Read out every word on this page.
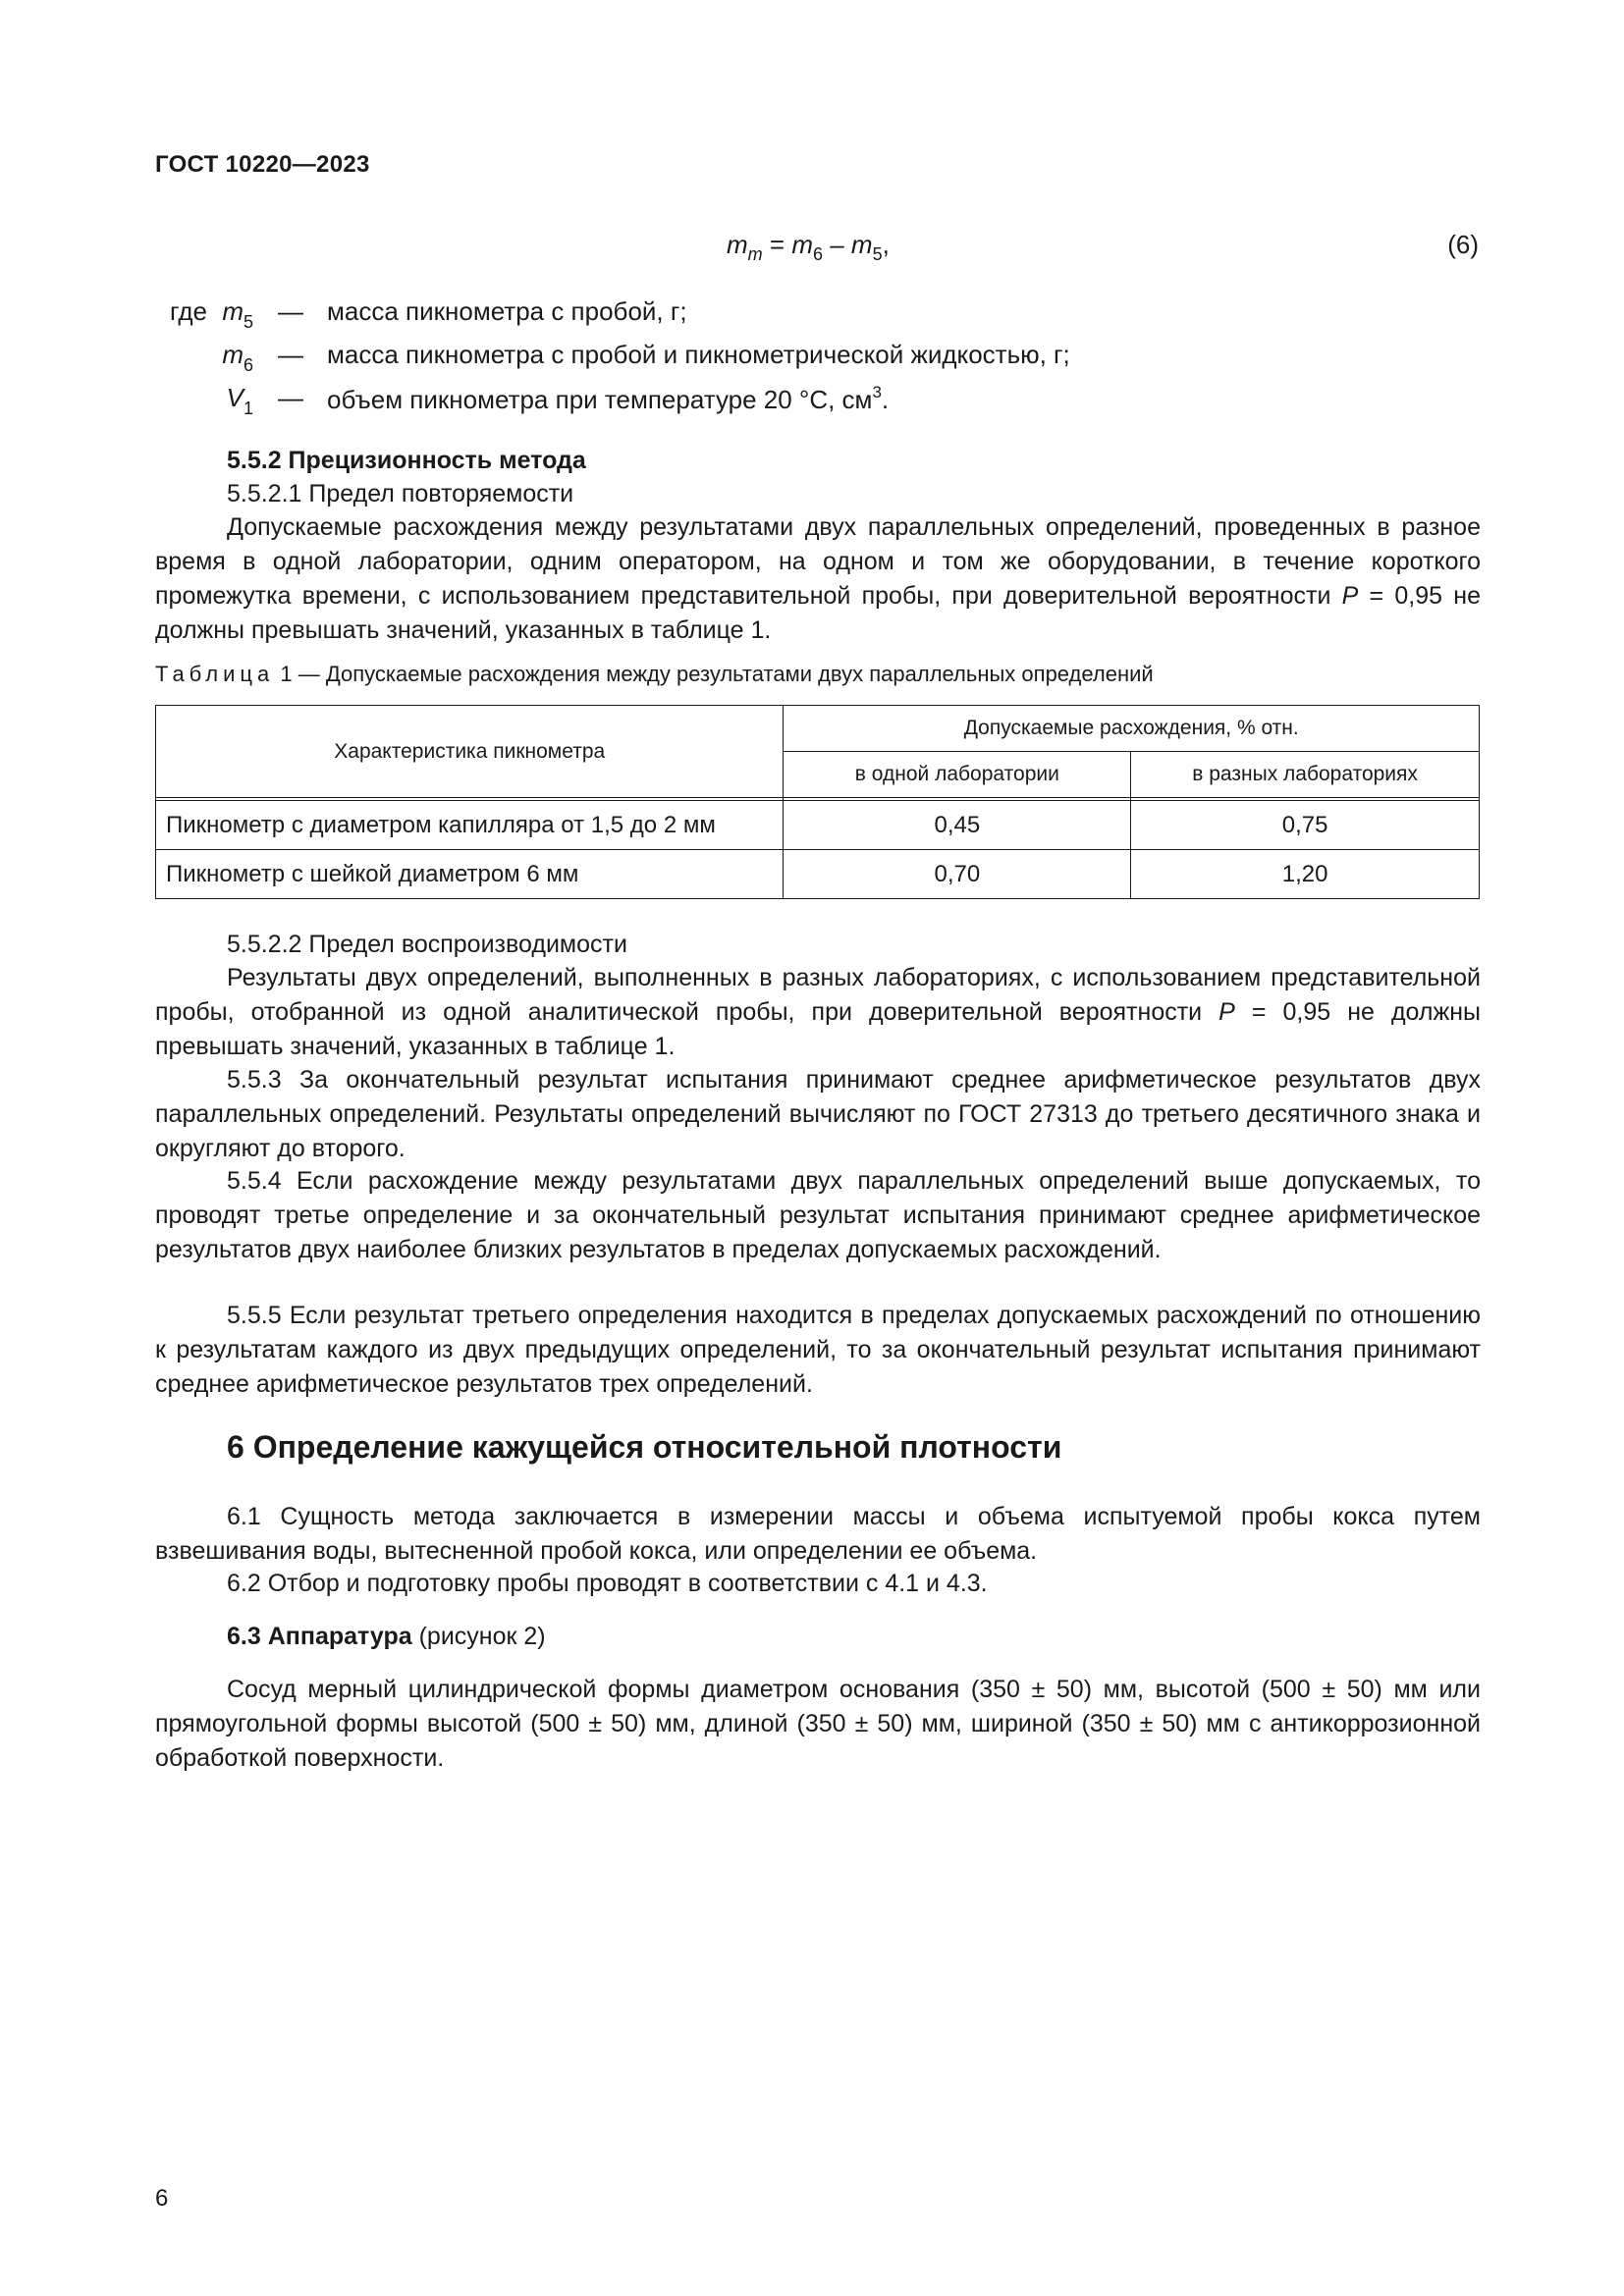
ГОСТ 10220—2023
$m_m = m_6 - m_5$,	(6)
где $m_5$ — масса пикнометра с пробой, г;
$m_6$ — масса пикнометра с пробой и пикнометрической жидкостью, г;
$V_1$ — объем пикнометра при температуре 20 °С, $см^3$.
5.5.2 Прецизионность метода
5.5.2.1 Предел повторяемости
Допускаемые расхождения между результатами двух параллельных определений, проведенных в разное время в одной лаборатории, одним оператором, на одном и том же оборудовании, в течение короткого промежутка времени, с использованием представительной пробы, при доверительной вероятности Р = 0,95 не должны превышать значений, указанных в таблице 1.
Таблица 1 — Допускаемые расхождения между результатами двух параллельных определений
Характеристика пикнометра	Допускаемые расхождения, % отн.	
	в одной лаборатории	в разных лабораториях

Пикнометр с диаметром капилляра от 1,5 до 2 мм	0,45	0,75
Пикнометр с шейкой диаметром 6 мм	0,70	1,20
5.5.2.2 Предел воспроизводимости
Результаты двух определений, выполненных в разных лабораториях, с использованием представительной пробы, отобранной из одной аналитической пробы, при доверительной вероятности Р = 0,95 не должны превышать значений, указанных в таблице 1.
5.5.3 За окончательный результат испытания принимают среднее арифметическое результатов двух параллельных определений. Результаты определений вычисляют по ГОСТ 27313 до третьего десятичного знака и округляют до второго.
5.5.4 Если расхождение между результатами двух параллельных определений выше допускаемых, то проводят третье определение и за окончательный результат испытания принимают среднее арифметическое результатов двух наиболее близких результатов в пределах допускаемых расхождений.
5.5.5 Если результат третьего определения находится в пределах допускаемых расхождений по отношению к результатам каждого из двух предыдущих определений, то за окончательный результат испытания принимают среднее арифметическое результатов трех определений.
6 Определение кажущейся относительной плотности
6.1 Сущность метода заключается в измерении массы и объема испытуемой пробы кокса путем взвешивания воды, вытесненной пробой кокса, или определении ее объема.
6.2 Отбор и подготовку пробы проводят в соответствии с 4.1 и 4.3.
6.3 Аппаратура (рисунок 2)
Сосуд мерный цилиндрической формы диаметром основания (350 ± 50) мм, высотой (500 ± 50) мм или прямоугольной формы высотой (500 ± 50) мм, длиной (350 ± 50) мм, шириной (350 ± 50) мм с антикоррозионной обработкой поверхности.
6
